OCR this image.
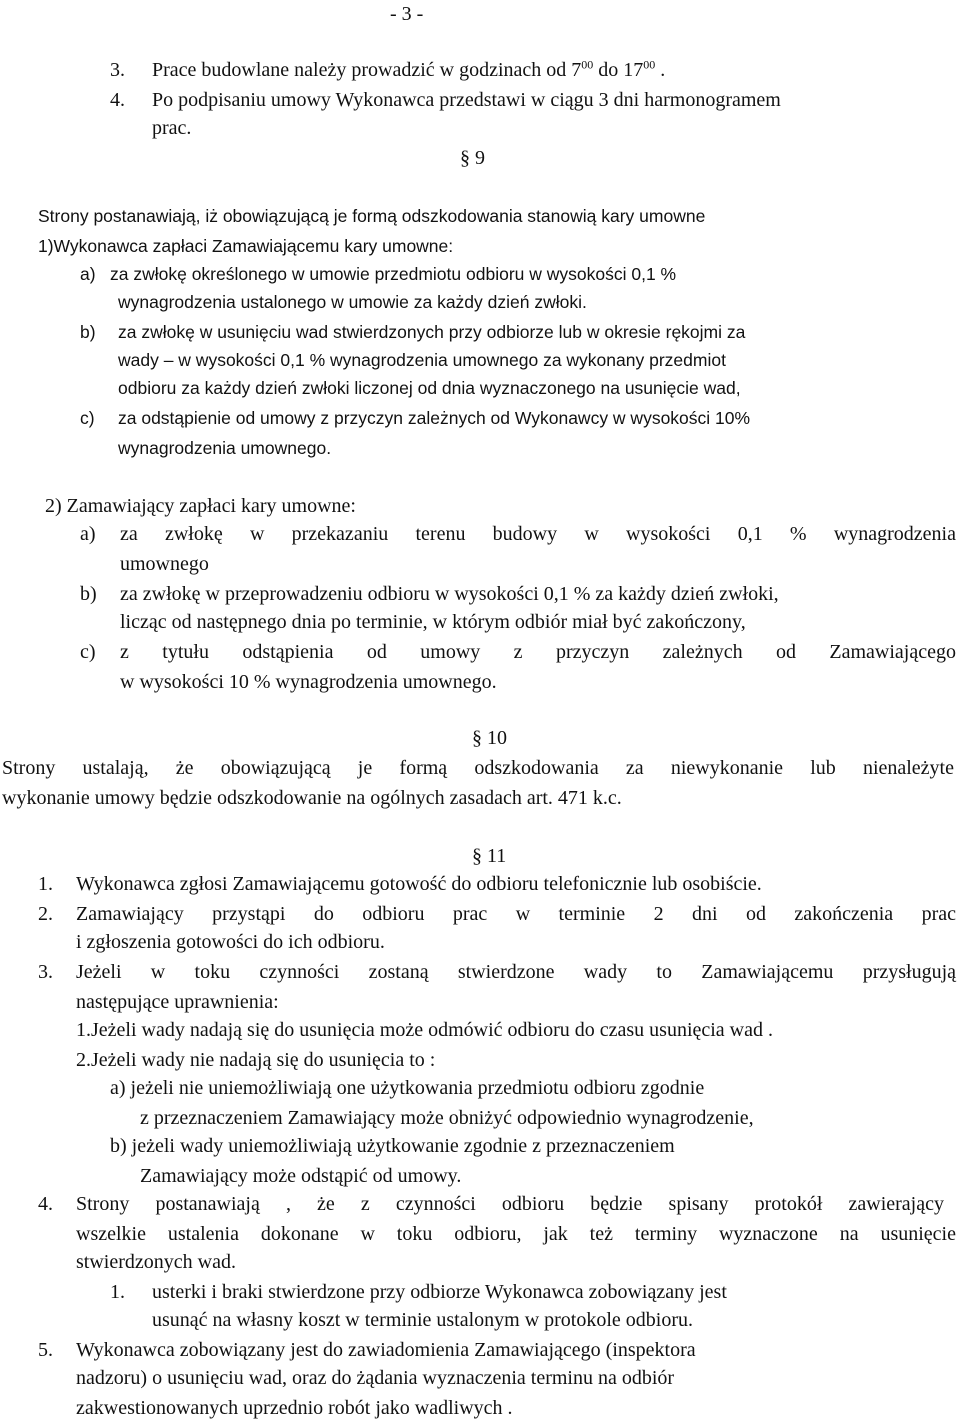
- 3 -
3. Prace budowlane należy prowadzić w godzinach od $7^{00}$ do $17^{00}$ .
4. Po podpisaniu umowy Wykonawca przedstawi w ciągu 3 dni harmonogramem
prac.
§ 9
Strony postanawiają, iż obowiązującą je formą odszkodowania stanowią kary umowne
1)Wykonawca zapłaci Zamawiającemu kary umowne:
a) za zwłokę określonego w umowie przedmiotu odbioru w wysokości 0,1 %
wynagrodzenia ustalonego w umowie za każdy dzień zwłoki.
b) za zwłokę w usunięciu wad stwierdzonych przy odbiorze lub w okresie rękojmi za
wady – w wysokości 0,1 % wynagrodzenia umownego za wykonany przedmiot
odbioru za każdy dzień zwłoki liczonej od dnia wyznaczonego na usunięcie wad,
c) za odstąpienie od umowy z przyczyn zależnych od Wykonawcy w wysokości 10%
wynagrodzenia umownego.
2) Zamawiający zapłaci kary umowne:
a) za zwłokę w przekazaniu terenu budowy w wysokości 0,1 % wynagrodzenia
umownego
b) za zwłokę w przeprowadzeniu odbioru w wysokości 0,1 % za każdy dzień zwłoki,
licząc od następnego dnia po terminie, w którym odbiór miał być zakończony,
c) z tytułu odstąpienia od umowy z przyczyn zależnych od Zamawiającego
w wysokości 10 % wynagrodzenia umownego.
§ 10
Strony ustalają, że obowiązującą je formą odszkodowania za niewykonanie lub nienależyte
wykonanie umowy będzie odszkodowanie na ogólnych zasadach art. 471 k.c.
§ 11
1. Wykonawca zgłosi Zamawiającemu gotowość do odbioru telefonicznie lub osobiście.
2. Zamawiający przystąpi do odbioru prac w terminie 2 dni od zakończenia prac
i zgłoszenia gotowości do ich odbioru.
3. Jeżeli w toku czynności zostaną stwierdzone wady to Zamawiającemu przysługują
następujące uprawnienia:
1.Jeżeli wady nadają się do usunięcia może odmówić odbioru do czasu usunięcia wad .
2.Jeżeli wady nie nadają się do usunięcia to :
a) jeżeli nie uniemożliwiają one użytkowania przedmiotu odbioru zgodnie
z przeznaczeniem Zamawiający może obniżyć odpowiednio wynagrodzenie,
b) jeżeli wady uniemożliwiają użytkowanie zgodnie z przeznaczeniem
Zamawiający może odstąpić od umowy.
4. Strony postanawiają , że z czynności odbioru będzie spisany protokół zawierający
wszelkie ustalenia dokonane w toku odbioru, jak też terminy wyznaczone na usunięcie
stwierdzonych wad.
1. usterki i braki stwierdzone przy odbiorze Wykonawca zobowiązany jest
usunąć na własny koszt w terminie ustalonym w protokole odbioru.
5. Wykonawca zobowiązany jest do zawiadomienia Zamawiającego (inspektora
nadzoru) o usunięciu wad, oraz do żądania wyznaczenia terminu na odbiór
zakwestionowanych uprzednio robót jako wadliwych .
